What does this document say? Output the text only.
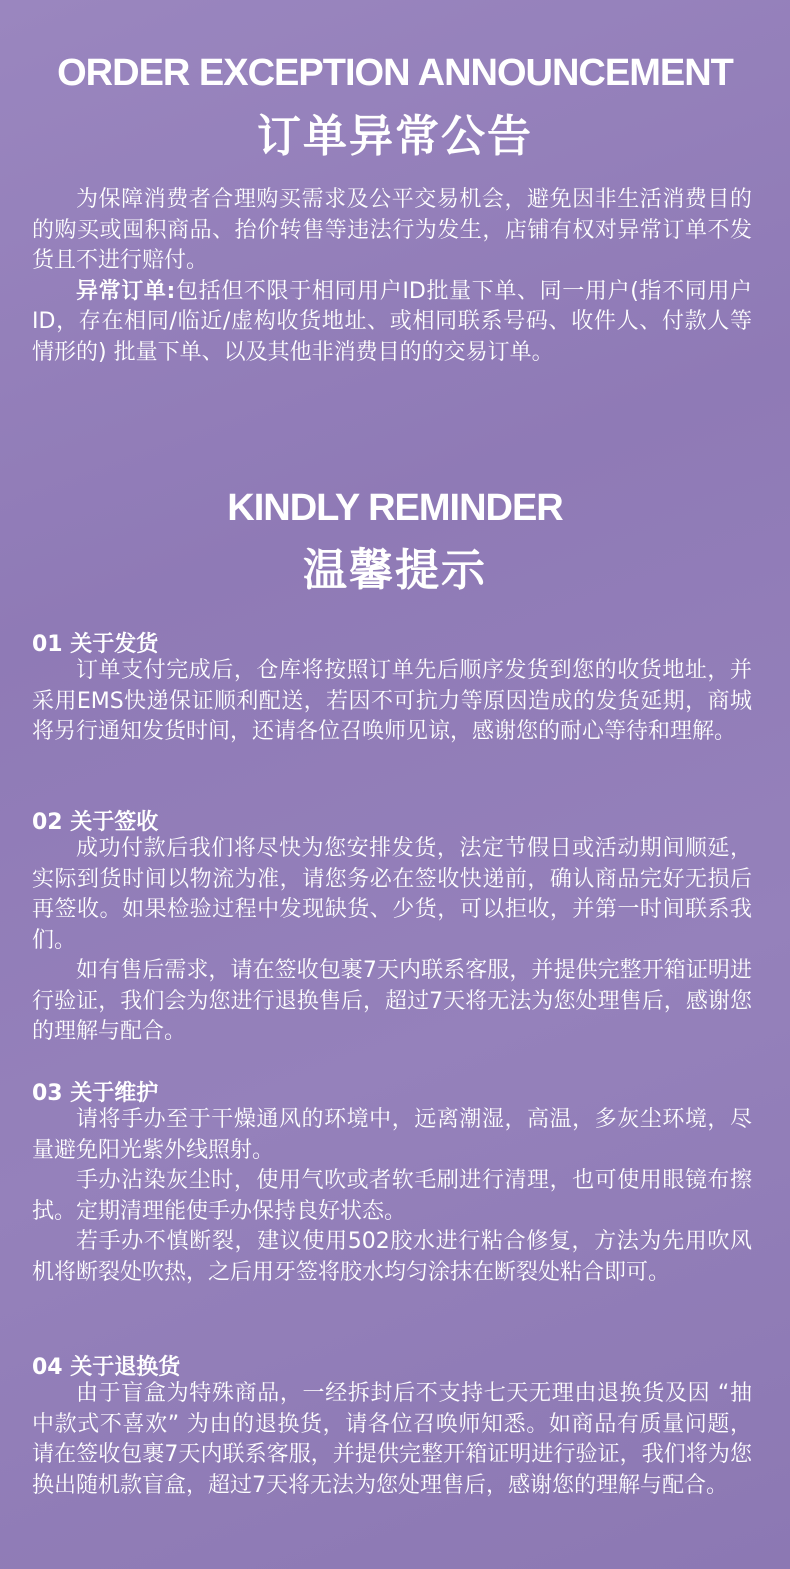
ORDER EXCEPTION ANNOUNCEMENT
订单异常公告

为保障消费者合理购买需求及公平交易机会，避免因非生活消费目的的购买或囤积商品、抬价转售等违法行为发生，店铺有权对异常订单不发货且不进行赔付。

异常订单:包括但不限于相同用户ID批量下单、同一用户(指不同用户ID，存在相同/临近/虚构收货地址、或相同联系号码、收件人、付款人等情形的) 批量下单、以及其他非消费目的的交易订单。

KINDLY REMINDER
温馨提示
01 关于发货

订单支付完成后，仓库将按照订单先后顺序发货到您的收货地址，并采用EMS快递保证顺利配送，若因不可抗力等原因造成的发货延期，商城将另行通知发货时间，还请各位召唤师见谅，感谢您的耐心等待和理解。

02 关于签收

成功付款后我们将尽快为您安排发货，法定节假日或活动期间顺延，实际到货时间以物流为准，请您务必在签收快递前，确认商品完好无损后再签收。如果检验过程中发现缺货、少货，可以拒收，并第一时间联系我们。

如有售后需求，请在签收包裹7天内联系客服，并提供完整开箱证明进行验证，我们会为您进行退换售后，超过7天将无法为您处理售后，感谢您的理解与配合。

03 关于维护

请将手办至于干燥通风的环境中，远离潮湿，高温，多灰尘环境，尽量避免阳光紫外线照射。

手办沾染灰尘时，使用气吹或者软毛刷进行清理，也可使用眼镜布擦拭。定期清理能使手办保持良好状态。

若手办不慎断裂，建议使用502胶水进行粘合修复，方法为先用吹风机将断裂处吹热，之后用牙签将胶水均匀涂抹在断裂处粘合即可。

04 关于退换货

由于盲盒为特殊商品，一经拆封后不支持七天无理由退换货及因 “抽中款式不喜欢” 为由的退换货，请各位召唤师知悉。如商品有质量问题，请在签收包裹7天内联系客服，并提供完整开箱证明进行验证，我们将为您换出随机款盲盒，超过7天将无法为您处理售后，感谢您的理解与配合。
